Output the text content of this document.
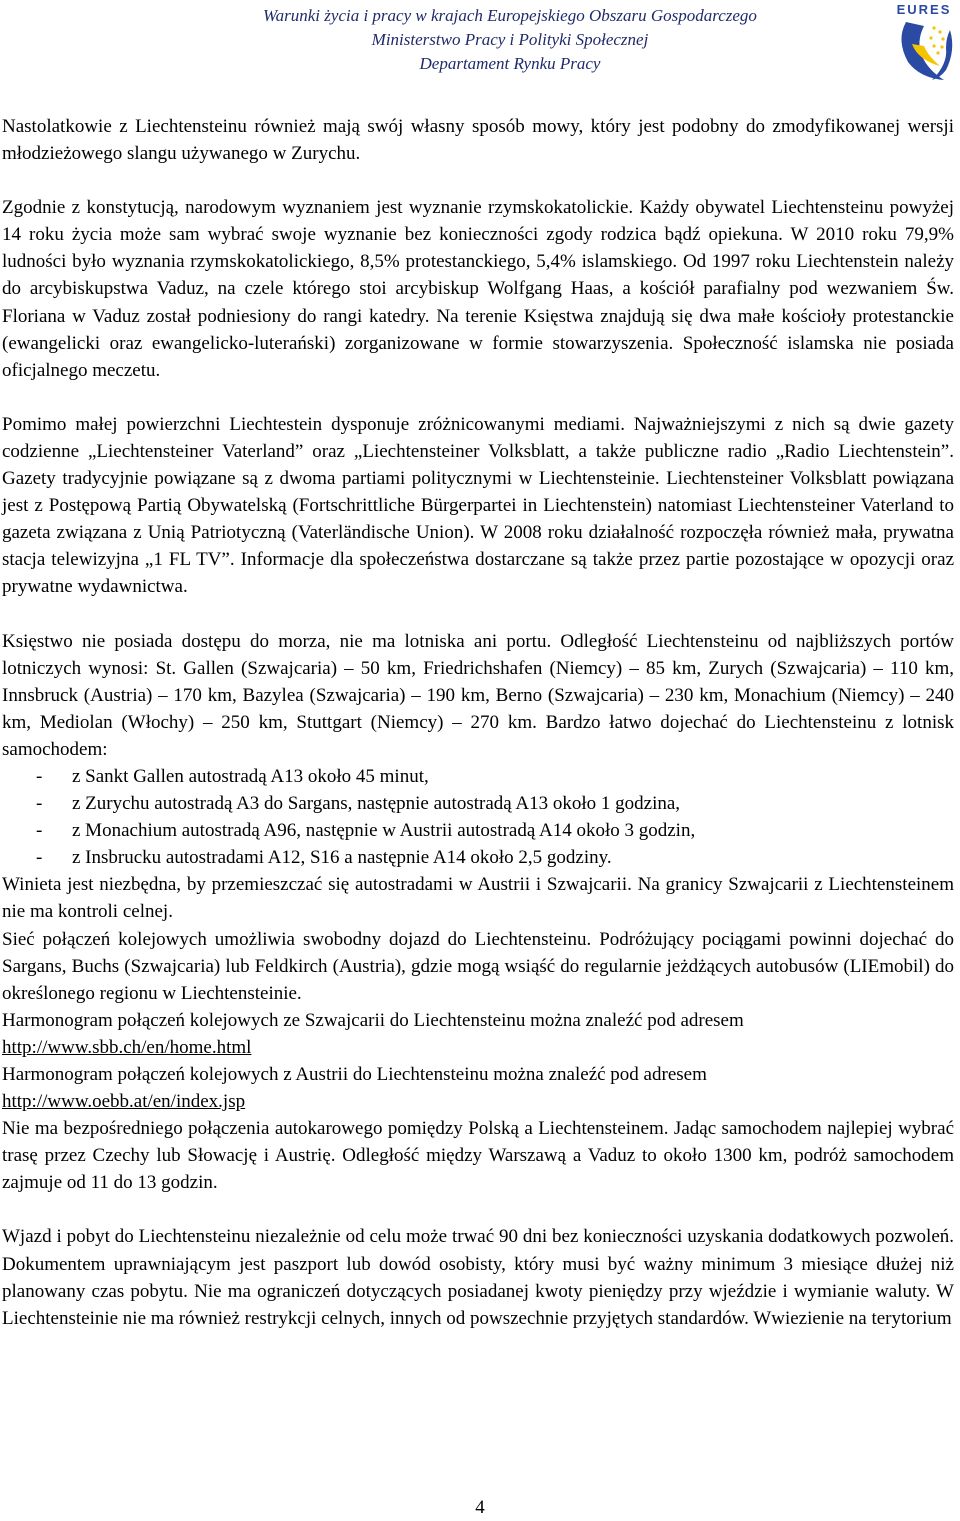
Warunki życia i pracy w krajach Europejskiego Obszaru Gospodarczego
Ministerstwo Pracy i Polityki Społecznej
Departament Rynku Pracy
EURES

Nastolatkowie z Liechtensteinu również mają swój własny sposób mowy, który jest podobny do zmodyfikowanej wersji młodzieżowego slangu używanego w Zurychu.

Zgodnie z konstytucją, narodowym wyznaniem jest wyznanie rzymskokatolickie. Każdy obywatel Liechtensteinu powyżej 14 roku życia może sam wybrać swoje wyznanie bez konieczności zgody rodzica bądź opiekuna. W 2010 roku 79,9% ludności było wyznania rzymskokatolickiego, 8,5% protestanckiego, 5,4% islamskiego. Od 1997 roku Liechtenstein należy do arcybiskupstwa Vaduz, na czele którego stoi arcybiskup Wolfgang Haas, a kościół parafialny pod wezwaniem Św. Floriana w Vaduz został podniesiony do rangi katedry. Na terenie Księstwa znajdują się dwa małe kościoły protestanckie (ewangelicki oraz ewangelicko-luterański) zorganizowane w formie stowarzyszenia. Społeczność islamska nie posiada oficjalnego meczetu.

Pomimo małej powierzchni Liechtestein dysponuje zróżnicowanymi mediami. Najważniejszymi z nich są dwie gazety codzienne „Liechtensteiner Vaterland” oraz „Liechtensteiner Volksblatt, a także publiczne radio „Radio Liechtenstein”. Gazety tradycyjnie powiązane są z dwoma partiami politycznymi w Liechtensteinie. Liechtensteiner Volksblatt powiązana jest z Postępową Partią Obywatelską (Fortschrittliche Bürgerpartei in Liechtenstein) natomiast Liechtensteiner Vaterland to gazeta związana z Unią Patriotyczną (Vaterländische Union). W 2008 roku działalność rozpoczęła również mała, prywatna stacja telewizyjna „1 FL TV”. Informacje dla społeczeństwa dostarczane są także przez partie pozostające w opozycji oraz prywatne wydawnictwa.

Księstwo nie posiada dostępu do morza, nie ma lotniska ani portu. Odległość Liechtensteinu od najbliższych portów lotniczych wynosi: St. Gallen (Szwajcaria) – 50 km, Friedrichshafen (Niemcy) – 85 km, Zurych (Szwajcaria) – 110 km, Innsbruck (Austria) – 170 km, Bazylea (Szwajcaria) – 190 km, Berno (Szwajcaria) – 230 km, Monachium (Niemcy) – 240 km, Mediolan (Włochy) – 250 km, Stuttgart (Niemcy) – 270 km. Bardzo łatwo dojechać do Liechtensteinu z lotnisk samochodem:

- z Sankt Gallen autostradą A13 około 45 minut,
- z Zurychu autostradą A3 do Sargans, następnie autostradą A13 około 1 godzina,
- z Monachium autostradą A96, następnie w Austrii autostradą A14 około 3 godzin,
- z Insbrucku autostradami A12, S16 a następnie A14 około 2,5 godziny.

Winieta jest niezbędna, by przemieszczać się autostradami w Austrii i Szwajcarii. Na granicy Szwajcarii z Liechtensteinem nie ma kontroli celnej.

Sieć połączeń kolejowych umożliwia swobodny dojazd do Liechtensteinu. Podróżujący pociągami powinni dojechać do Sargans, Buchs (Szwajcaria) lub Feldkirch (Austria), gdzie mogą wsiąść do regularnie jeżdżących autobusów (LIEmobil) do określonego regionu w Liechtensteinie.

Harmonogram połączeń kolejowych ze Szwajcarii do Liechtensteinu można znaleźć pod adresem

http://www.sbb.ch/en/home.html

Harmonogram połączeń kolejowych z Austrii do Liechtensteinu można znaleźć pod adresem

http://www.oebb.at/en/index.jsp

Nie ma bezpośredniego połączenia autokarowego pomiędzy Polską a Liechtensteinem. Jadąc samochodem najlepiej wybrać trasę przez Czechy lub Słowację i Austrię. Odległość między Warszawą a Vaduz to około 1300 km, podróż samochodem zajmuje od 11 do 13 godzin.

Wjazd i pobyt do Liechtensteinu niezależnie od celu może trwać 90 dni bez konieczności uzyskania dodatkowych pozwoleń. Dokumentem uprawniającym jest paszport lub dowód osobisty, który musi być ważny minimum 3 miesiące dłużej niż planowany czas pobytu. Nie ma ograniczeń dotyczących posiadanej kwoty pieniędzy przy wjeździe i wymianie waluty. W Liechtensteinie nie ma również restrykcji celnych, innych od powszechnie przyjętych standardów. Wwiezienie na terytorium

4
